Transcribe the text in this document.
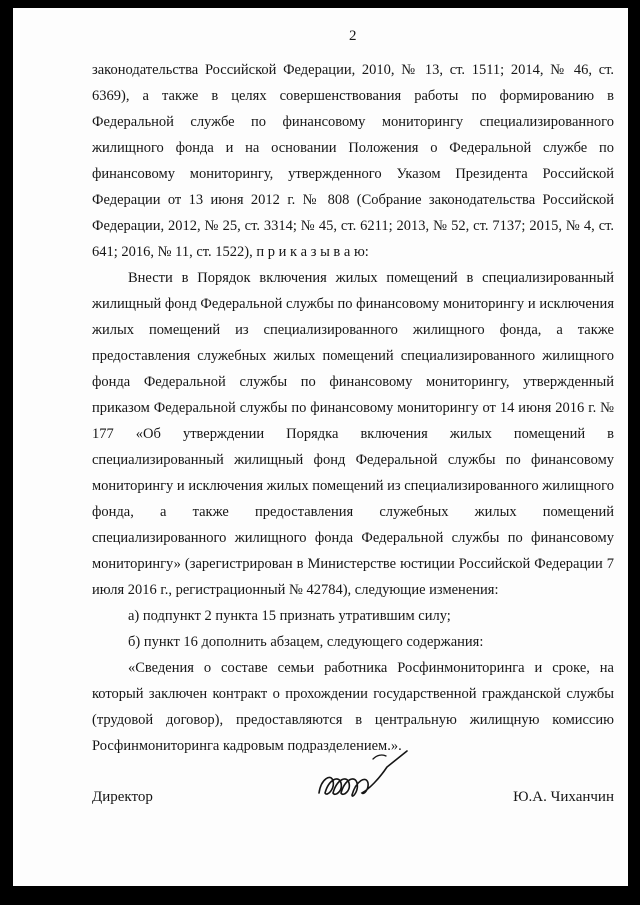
2

законодательства Российской Федерации, 2010, № 13, ст. 1511; 2014, № 46, ст. 6369), а также в целях совершенствования работы по формированию в Федеральной службе по финансовому мониторингу специализированного жилищного фонда и на основании Положения о Федеральной службе по финансовому мониторингу, утвержденного Указом Президента Российской Федерации от 13 июня 2012 г. № 808 (Собрание законодательства Российской Федерации, 2012, № 25, ст. 3314; № 45, ст. 6211; 2013, № 52, ст. 7137; 2015, № 4, ст. 641; 2016, № 11, ст. 1522), п р и к а з ы в а ю:

Внести в Порядок включения жилых помещений в специализированный жилищный фонд Федеральной службы по финансовому мониторингу и исключения жилых помещений из специализированного жилищного фонда, а также предоставления служебных жилых помещений специализированного жилищного фонда Федеральной службы по финансовому мониторингу, утвержденный приказом Федеральной службы по финансовому мониторингу от 14 июня 2016 г. № 177 «Об утверждении Порядка включения жилых помещений в специализированный жилищный фонд Федеральной службы по финансовому мониторингу и исключения жилых помещений из специализированного жилищного фонда, а также предоставления служебных жилых помещений специализированного жилищного фонда Федеральной службы по финансовому мониторингу» (зарегистрирован в Министерстве юстиции Российской Федерации 7 июля 2016 г., регистрационный № 42784), следующие изменения:

а) подпункт 2 пункта 15 признать утратившим силу;

б) пункт 16 дополнить абзацем, следующего содержания:

«Сведения о составе семьи работника Росфинмониторинга и сроке, на который заключен контракт о прохождении государственной гражданской службы (трудовой договор), предоставляются в центральную жилищную комиссию Росфинмониторинга кадровым подразделением.».

Директор	Ю.А. Чиханчин
